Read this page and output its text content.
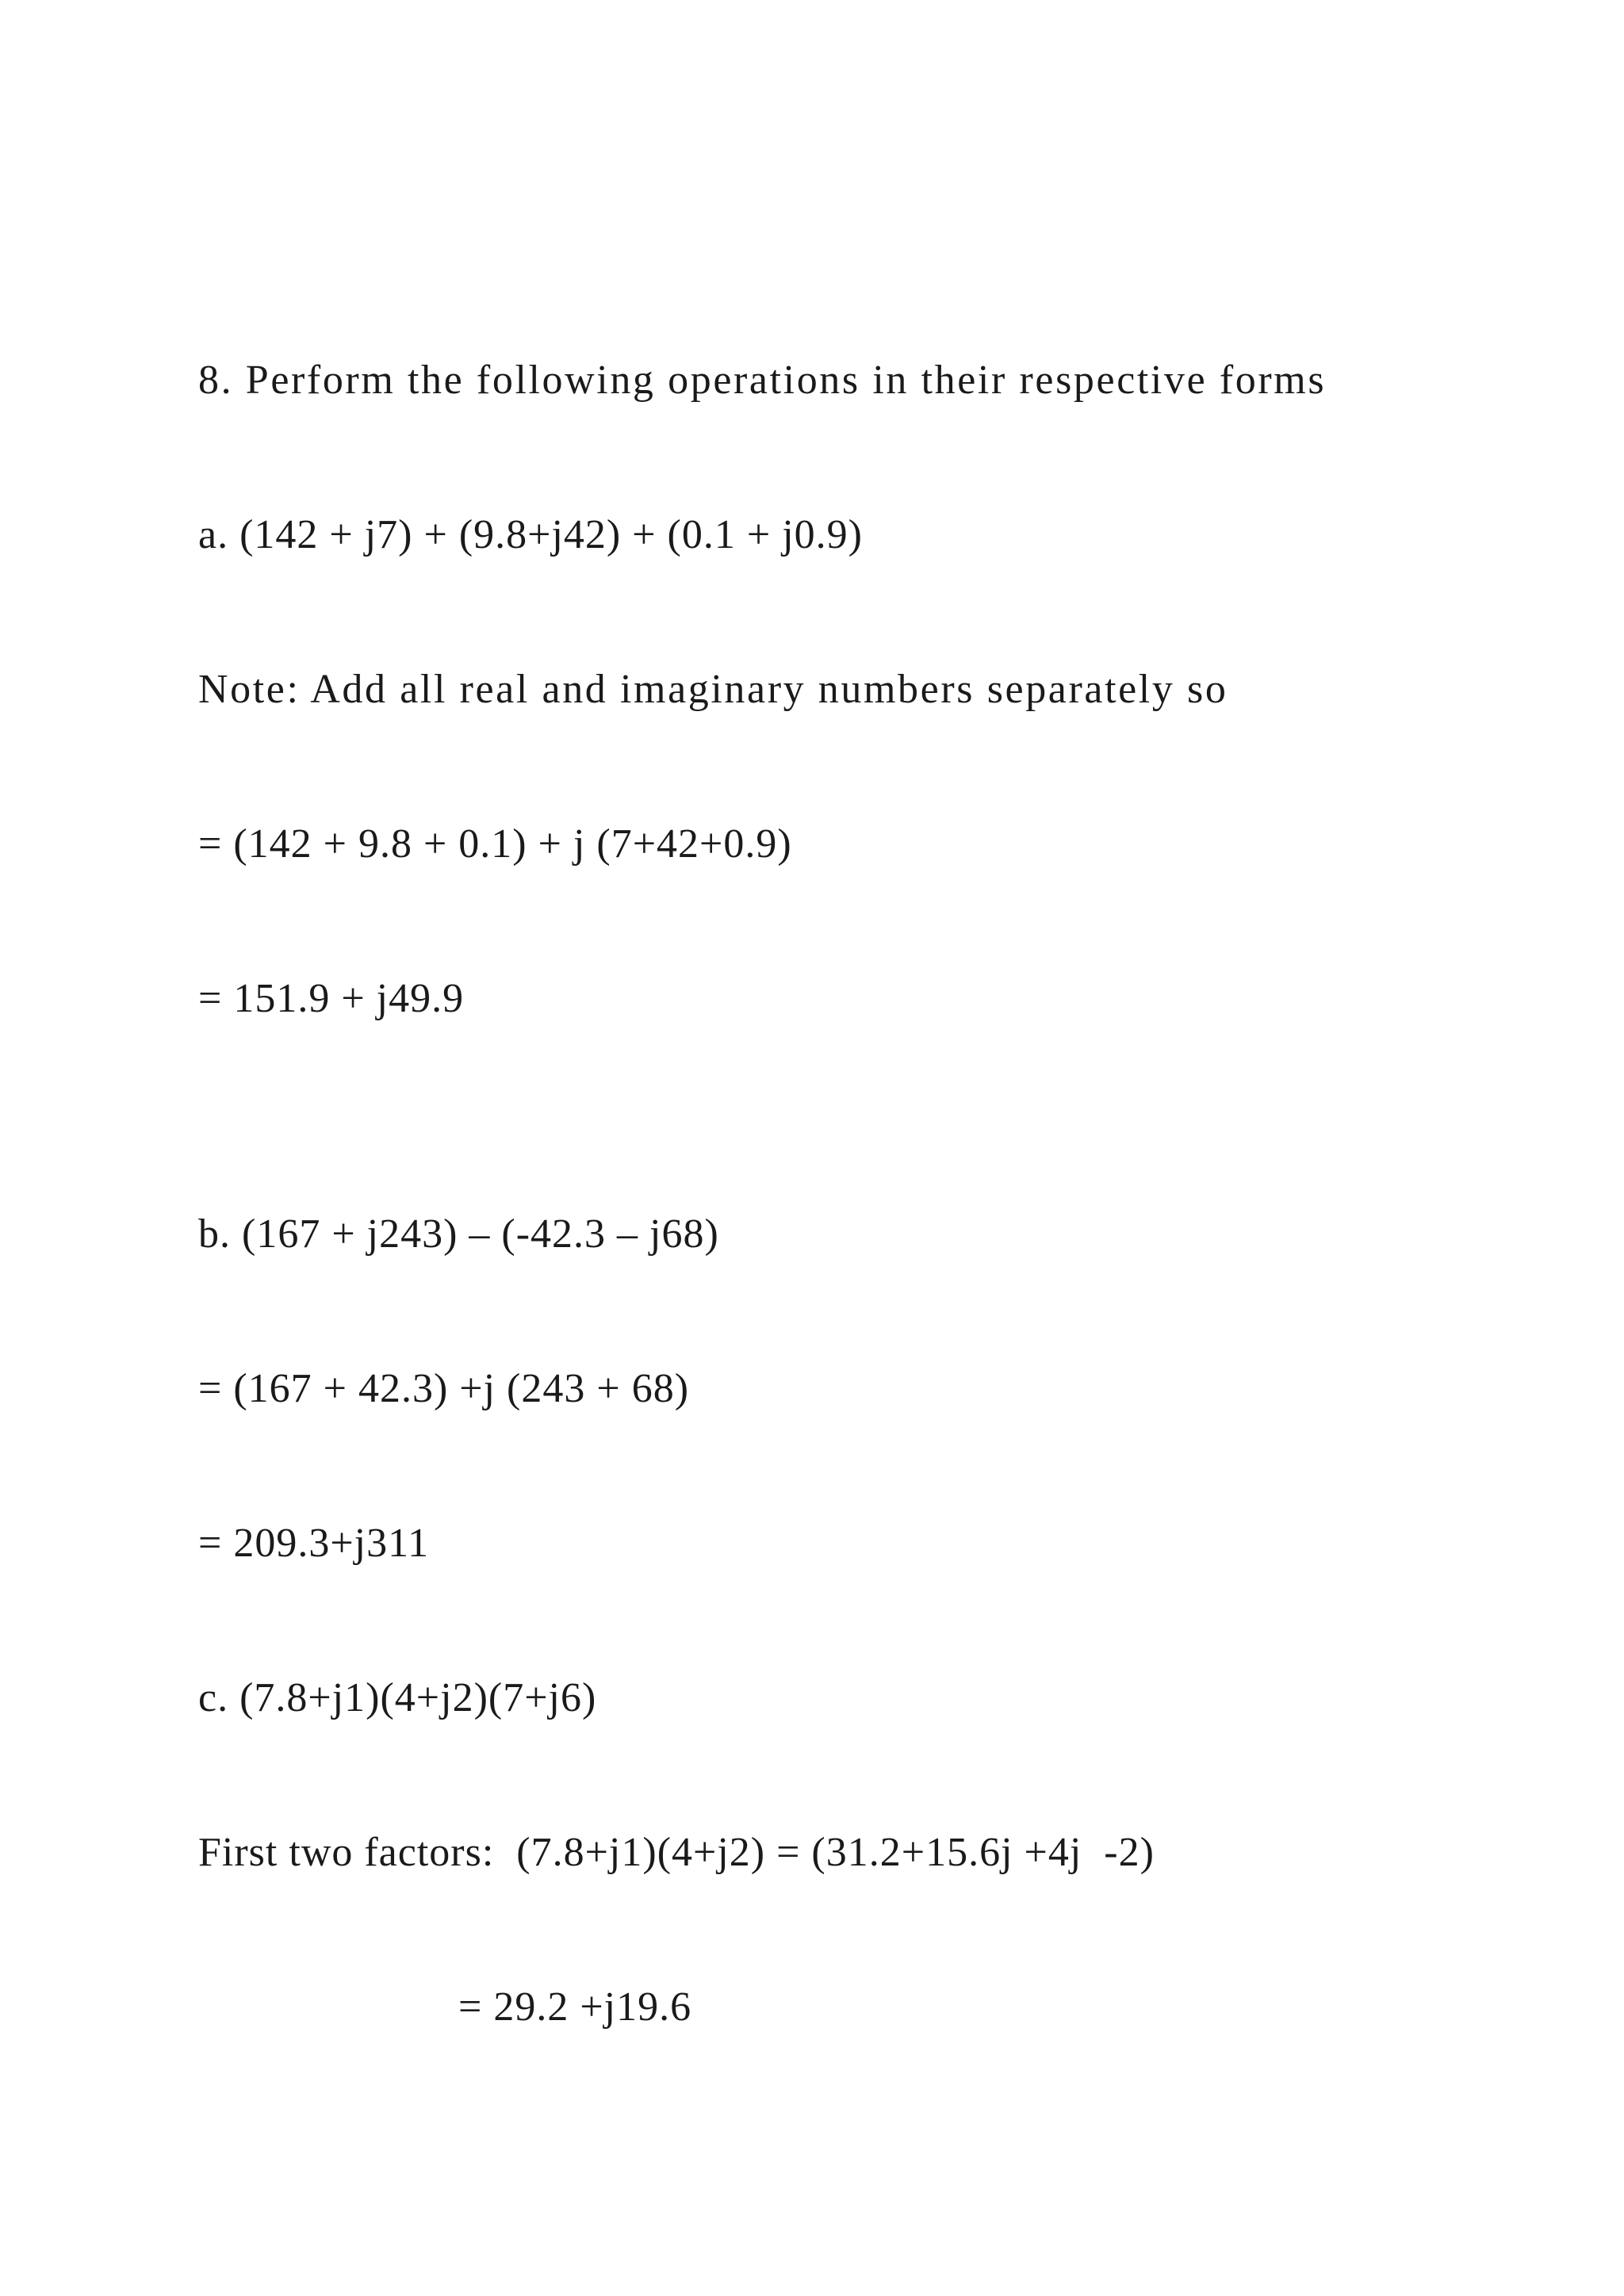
8. Perform the following operations in their respective forms
a. (142 + j7) + (9.8+j42) + (0.1 + j0.9)
Note: Add all real and imaginary numbers separately so
= (142 + 9.8 + 0.1) + j (7+42+0.9)
= 151.9 + j49.9
b. (167 + j243) – (-42.3 – j68)
= (167 + 42.3) +j (243 + 68)
= 209.3+j311
c. (7.8+j1)(4+j2)(7+j6)
First two factors:  (7.8+j1)(4+j2) = (31.2+15.6j +4j  -2)
= 29.2 +j19.6
